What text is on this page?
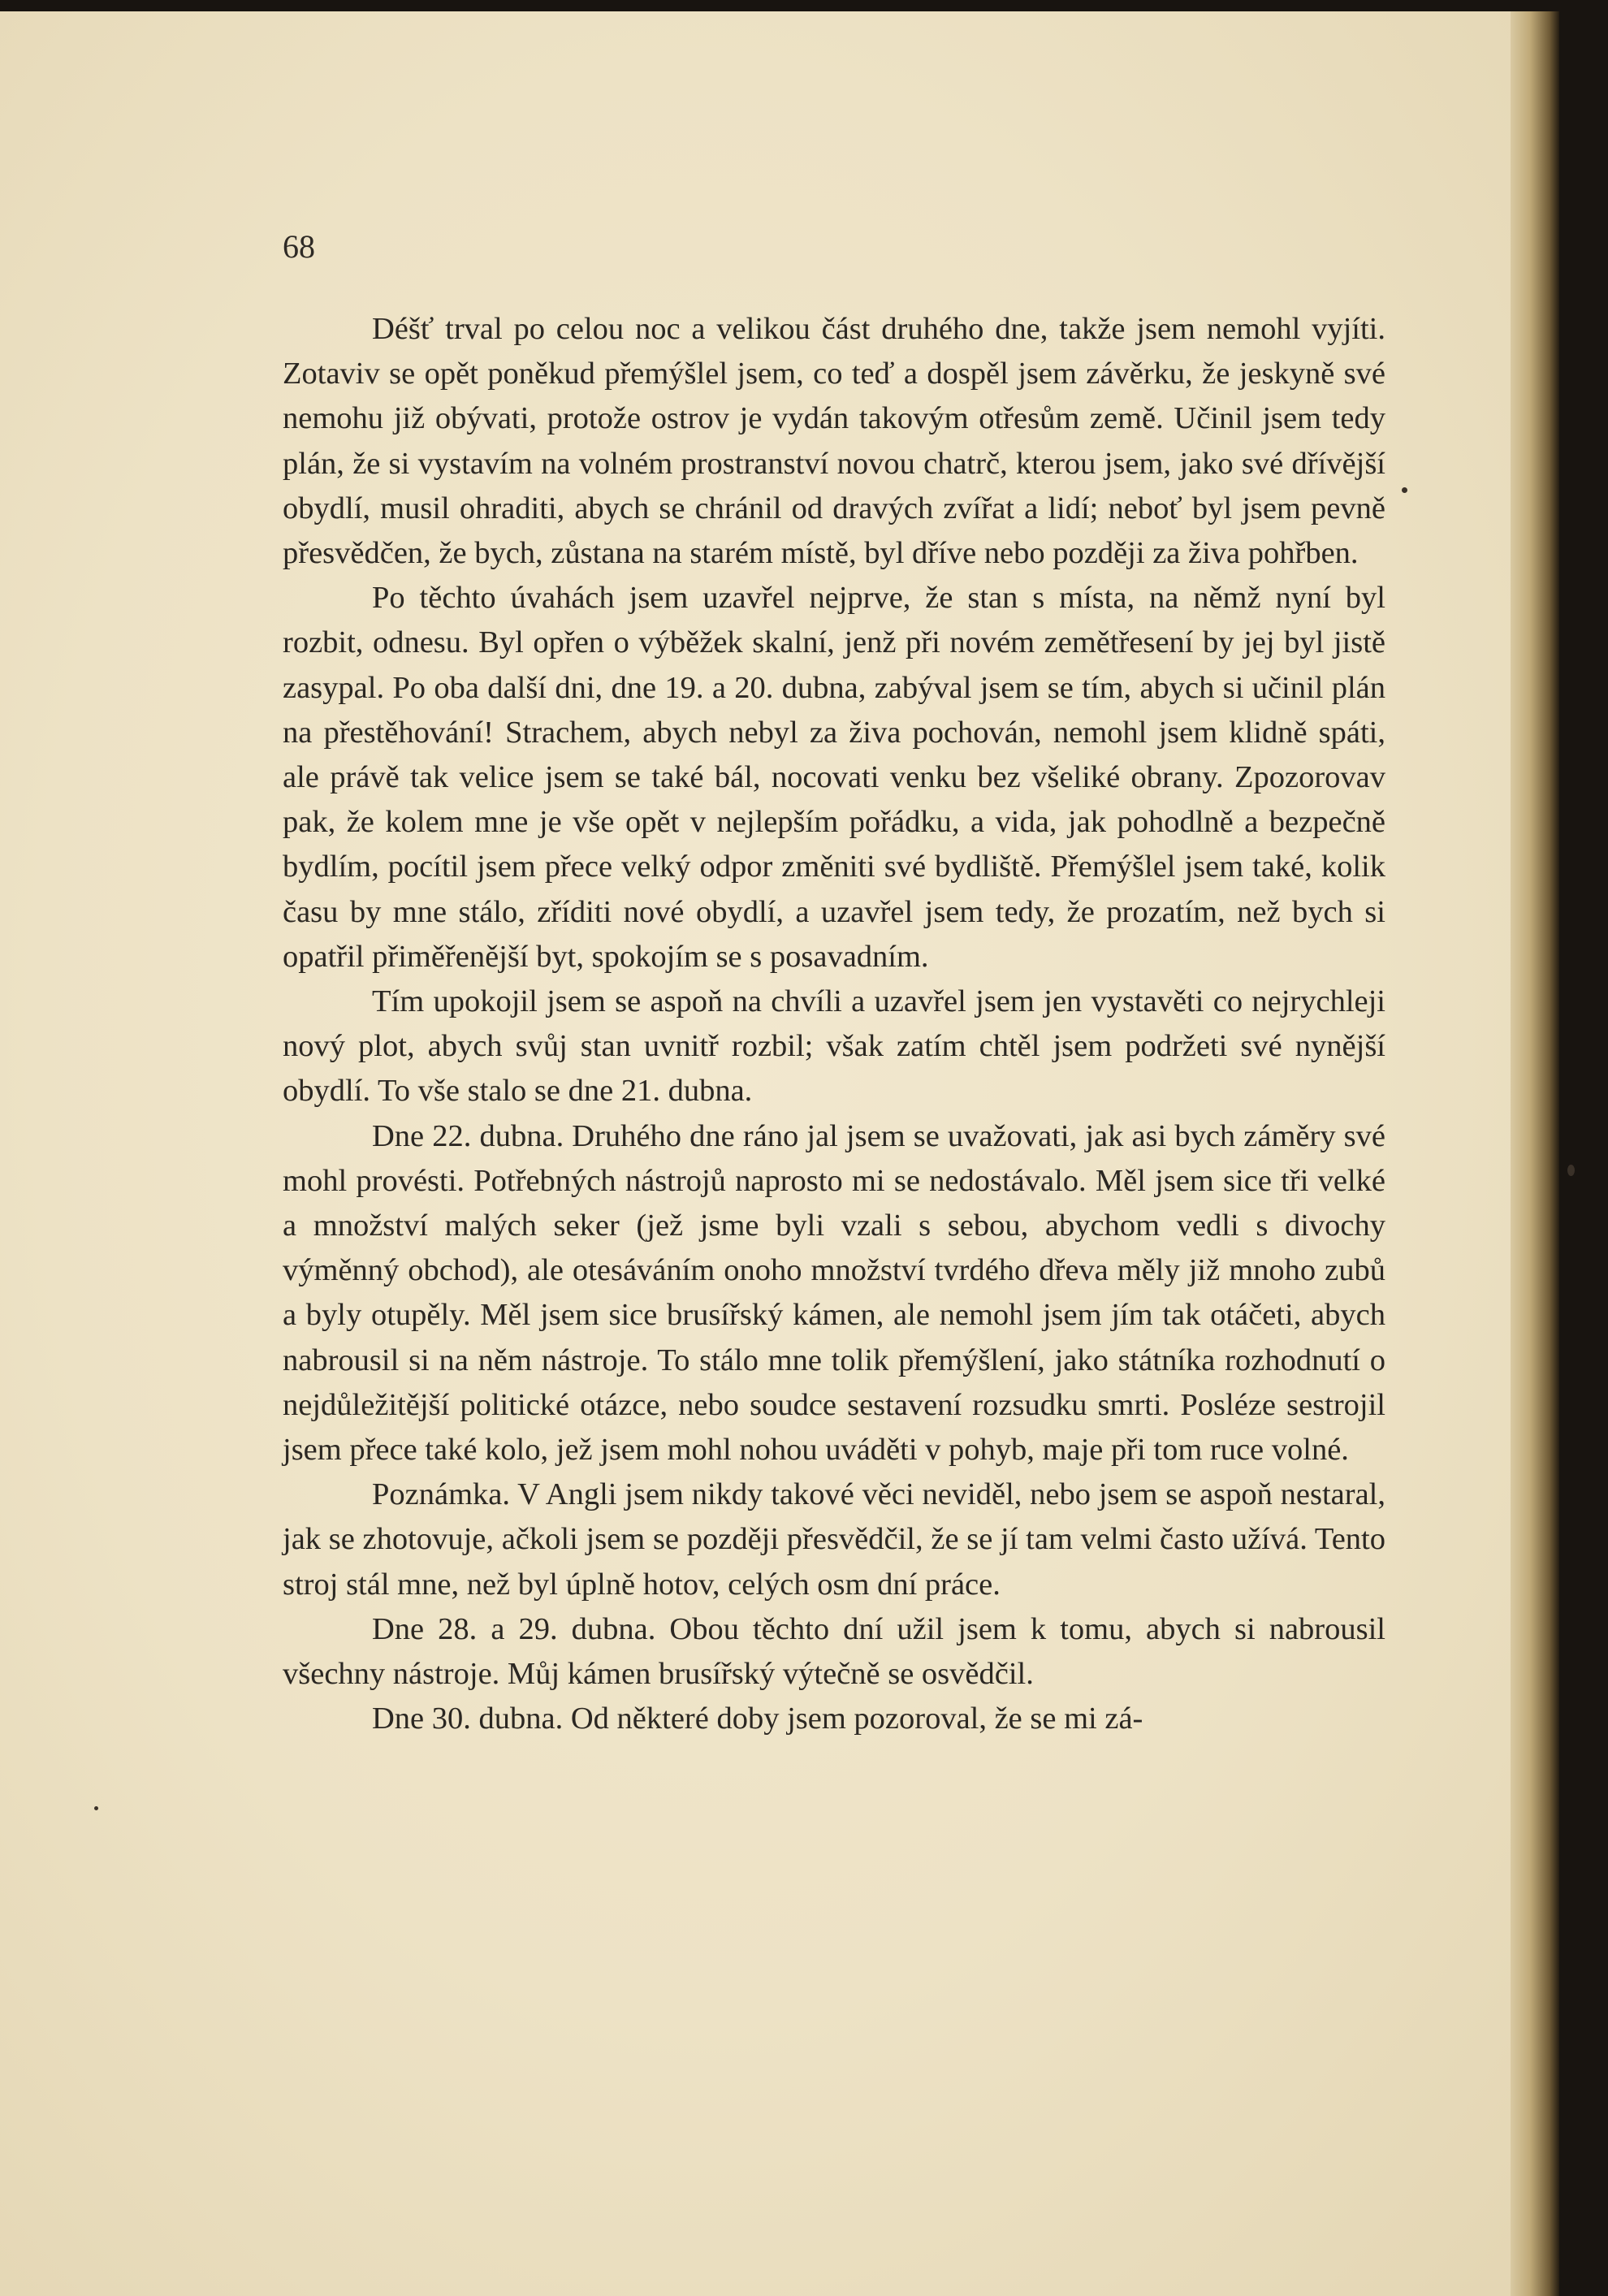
68

Déšť trval po celou noc a velikou část druhého dne, takže jsem nemohl vyjíti. Zotaviv se opět poněkud přemýšlel jsem, co teď a dospěl jsem závěrku, že jeskyně své nemohu již obývati, protože ostrov je vydán takovým otřesům země. Učinil jsem tedy plán, že si vystavím na volném prostranství novou chatrč, kterou jsem, jako své dřívější obydlí, musil ohraditi, abych se chránil od dravých zvířat a lidí; neboť byl jsem pevně přesvědčen, že bych, zůstana na starém místě, byl dříve nebo později za živa pohřben.

Po těchto úvahách jsem uzavřel nejprve, že stan s místa, na němž nyní byl rozbit, odnesu. Byl opřen o výběžek skalní, jenž při novém zemětřesení by jej byl jistě zasypal. Po oba další dni, dne 19. a 20. dubna, zabýval jsem se tím, abych si učinil plán na přestěhování! Strachem, abych nebyl za živa pochován, nemohl jsem klidně spáti, ale právě tak velice jsem se také bál, nocovati venku bez všeliké obrany. Zpozorovav pak, že kolem mne je vše opět v nejlepším pořádku, a vida, jak pohodlně a bezpečně bydlím, pocítil jsem přece velký odpor změniti své bydliště. Přemýšlel jsem také, kolik času by mne stálo, zříditi nové obydlí, a uzavřel jsem tedy, že prozatím, než bych si opatřil přiměřenější byt, spokojím se s posavadním.

Tím upokojil jsem se aspoň na chvíli a uzavřel jsem jen vystavěti co nejrychleji nový plot, abych svůj stan uvnitř rozbil; však zatím chtěl jsem podržeti své nynější obydlí. To vše stalo se dne 21. dubna.

Dne 22. dubna. Druhého dne ráno jal jsem se uvažovati, jak asi bych záměry své mohl provésti. Potřebných nástrojů naprosto mi se nedostávalo. Měl jsem sice tři velké a množství malých seker (jež jsme byli vzali s sebou, abychom vedli s divochy výměnný obchod), ale otesáváním onoho množství tvrdého dřeva měly již mnoho zubů a byly otupěly. Měl jsem sice brusířský kámen, ale nemohl jsem jím tak otáčeti, abych nabrousil si na něm nástroje. To stálo mne tolik přemýšlení, jako státníka rozhodnutí o nejdůležitější politické otázce, nebo soudce sestavení rozsudku smrti. Posléze sestrojil jsem přece také kolo, jež jsem mohl nohou uváděti v pohyb, maje při tom ruce volné.

Poznámka. V Angli jsem nikdy takové věci neviděl, nebo jsem se aspoň nestaral, jak se zhotovuje, ačkoli jsem se později přesvědčil, že se jí tam velmi často užívá. Tento stroj stál mne, než byl úplně hotov, celých osm dní práce.

Dne 28. a 29. dubna. Obou těchto dní užil jsem k tomu, abych si nabrousil všechny nástroje. Můj kámen brusířský výtečně se osvědčil.

Dne 30. dubna. Od některé doby jsem pozoroval, že se mi zá-
